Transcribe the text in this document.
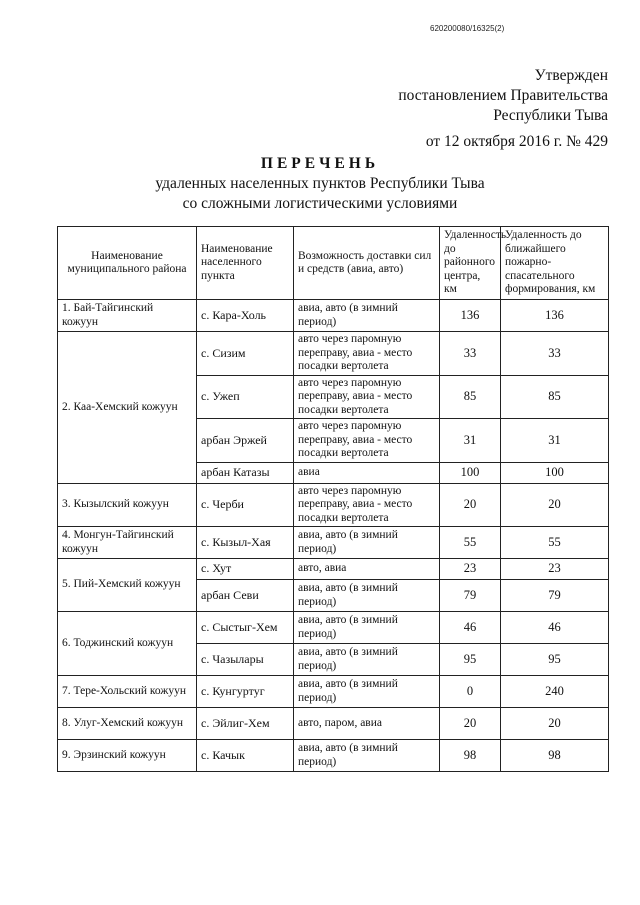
620200080/16325(2)
Утвержден
постановлением Правительства
Республики Тыва
от 12 октября 2016 г. № 429
ПЕРЕЧЕНЬ
удаленных населенных пунктов Республики Тыва
со сложными логистическими условиями
Наименование муниципального района	Наименование населенного пункта	Возможность доставки сил и средств (авиа, авто)	Удаленность до районного центра, км	Удаленность до ближайшего пожарно-спасательного формирования, км
1. Бай-Тайгинский кожуун	с. Кара-Холь	авиа, авто (в зимний период)	136	136
2. Каа-Хемский кожуун	с. Сизим	авто через паромную переправу, авиа - место посадки вертолета	33	33
	с. Ужеп	авто через паромную переправу, авиа - место посадки вертолета	85	85
	арбан Эржей	авто через паромную переправу, авиа - место посадки вертолета	31	31
	арбан Катазы	авиа	100	100
3. Кызылский кожуун	с. Черби	авто через паромную переправу, авиа - место посадки вертолета	20	20
4. Монгун-Тайгинский кожуун	с. Кызыл-Хая	авиа, авто (в зимний период)	55	55
5. Пий-Хемский кожуун	с. Хут	авто, авиа	23	23
	арбан Севи	авиа, авто (в зимний период)	79	79
6. Тоджинский кожуун	с. Сыстыг-Хем	авиа, авто (в зимний период)	46	46
	с. Чазылары	авиа, авто (в зимний период)	95	95
7. Тере-Хольский кожуун	с. Кунгуртуг	авиа, авто (в зимний период)	0	240
8. Улуг-Хемский кожуун	с. Эйлиг-Хем	авто, паром, авиа	20	20
9. Эрзинский кожуун	с. Качык	авиа, авто (в зимний период)	98	98
